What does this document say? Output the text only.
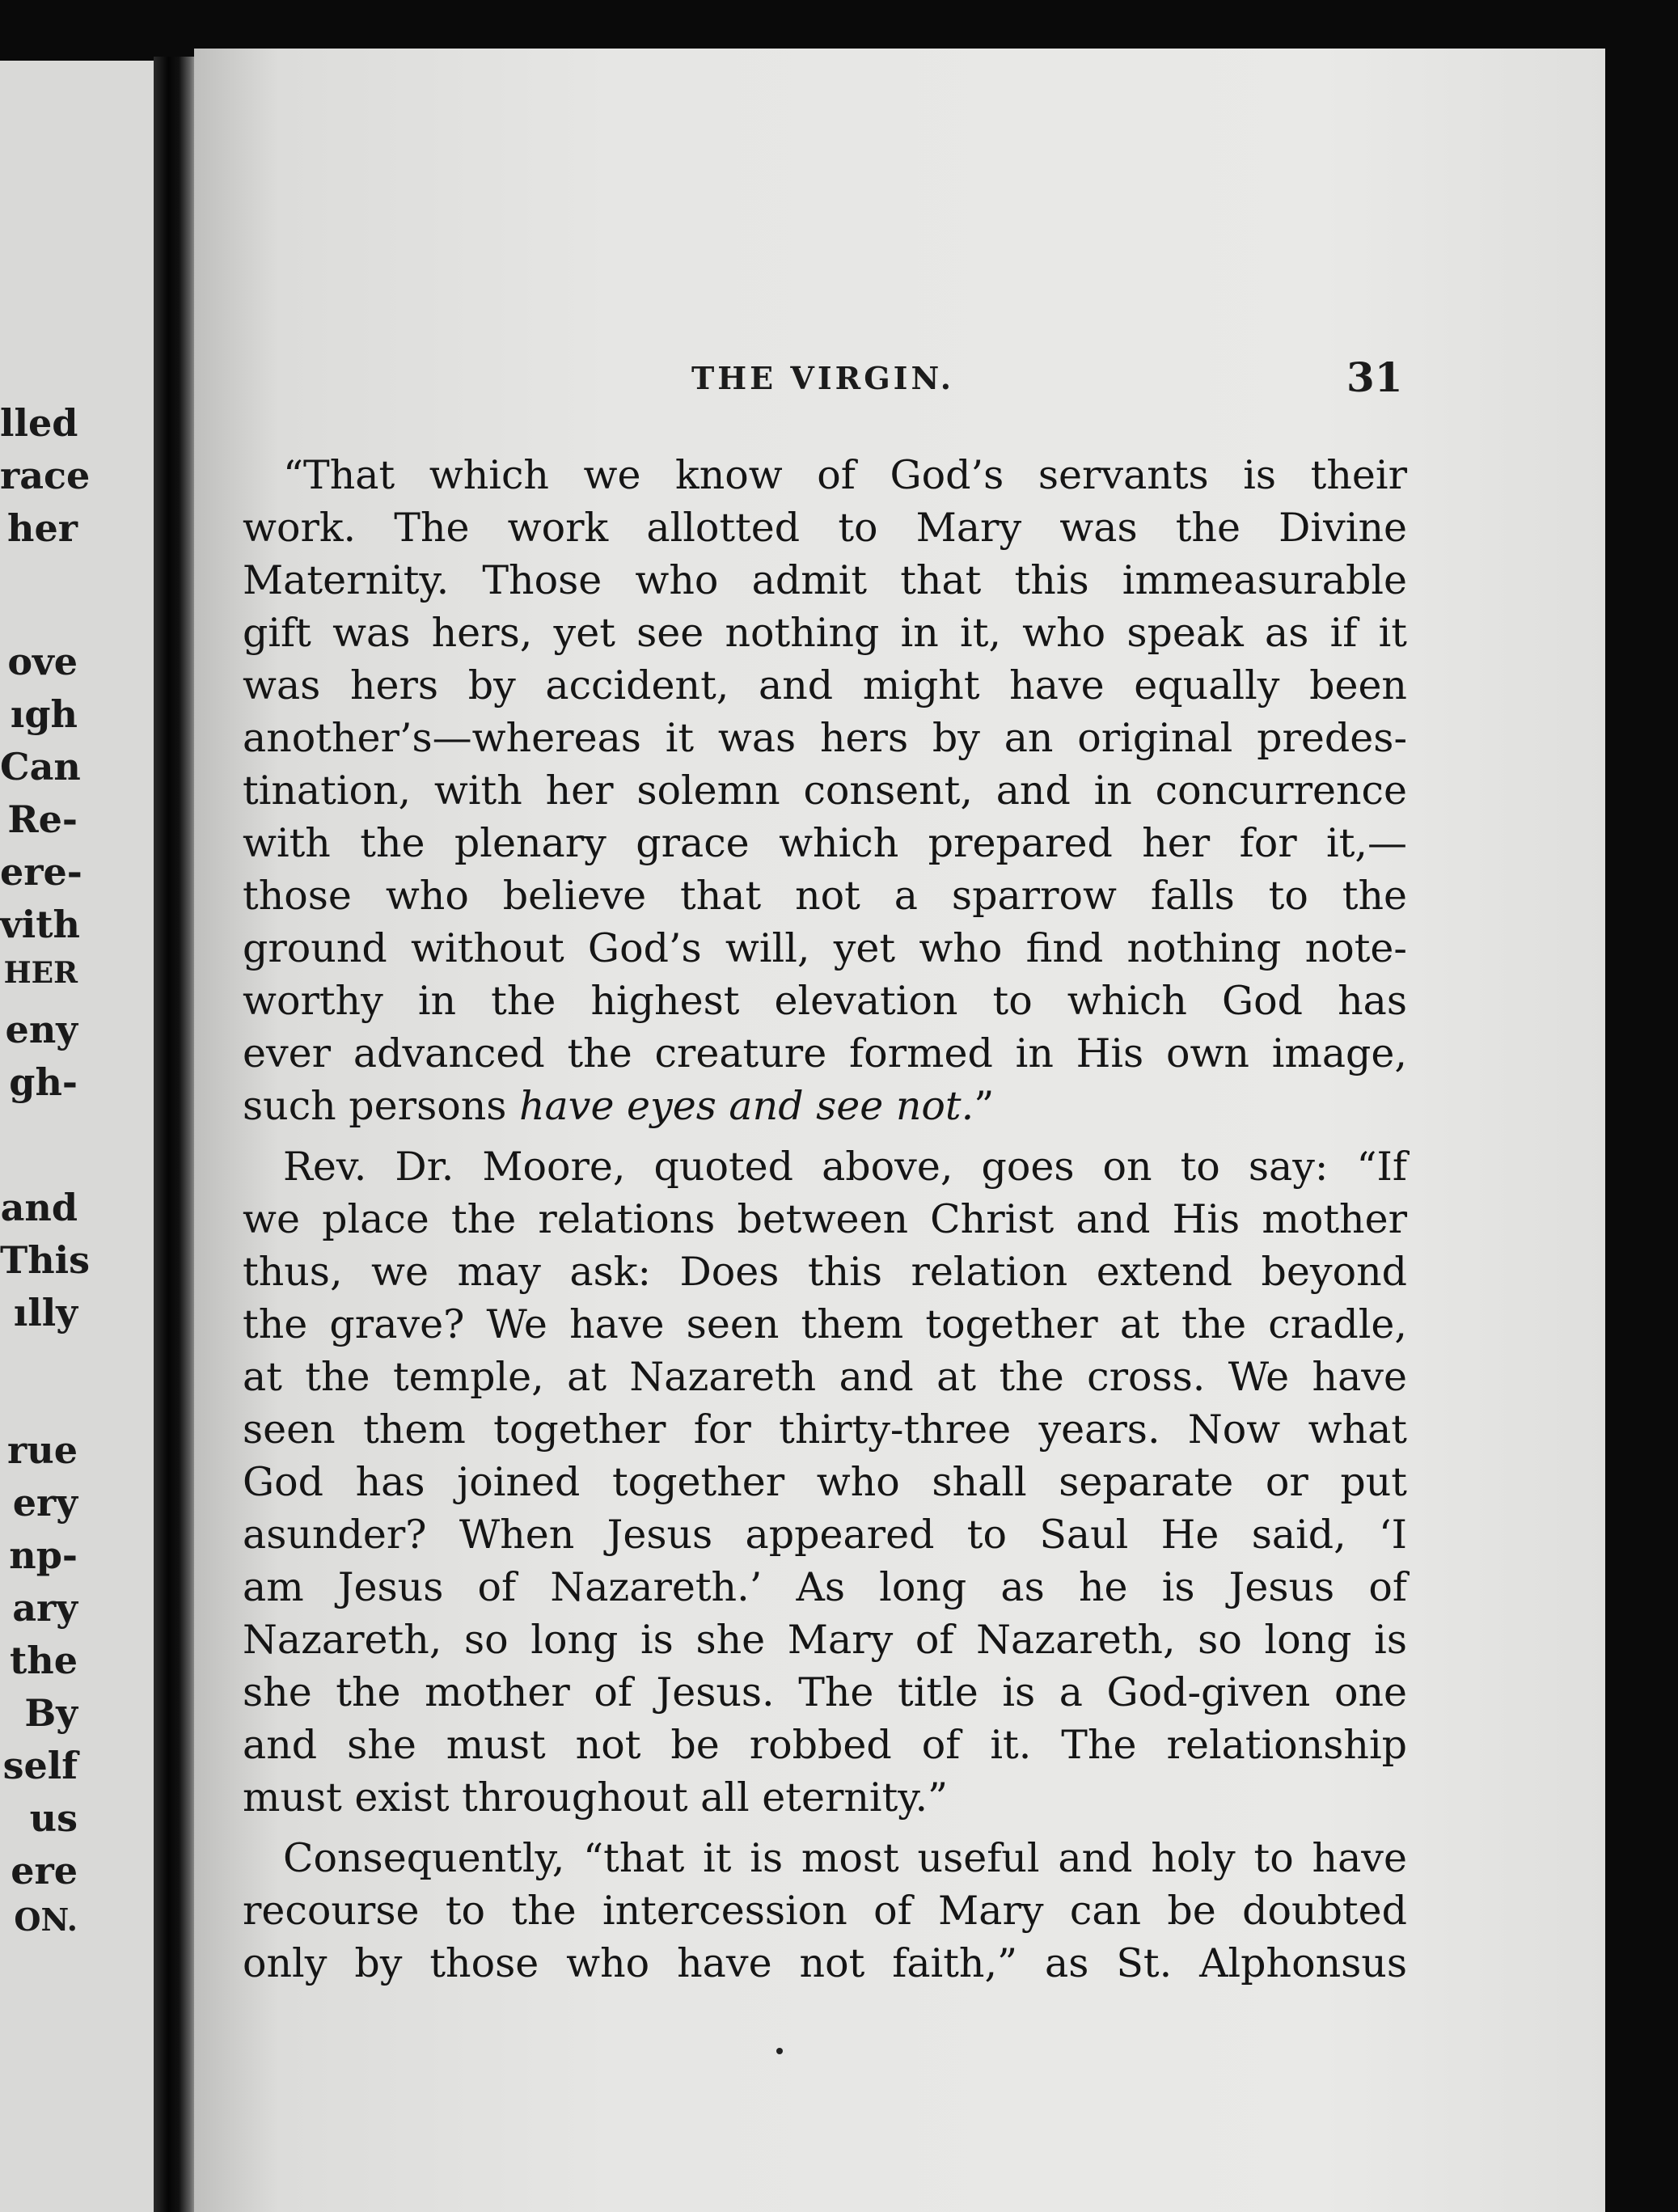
lled
race
her
ove
ıgh
Can
Re-
ere-
vith
HER
eny
gh-
and
This
ılly
rue
ery
np-
ary
the
By
self
us
ere
ON.
THE VIRGIN.	31
“That which we know of God’s servants is their
work. The work allotted to Mary was the Divine
Maternity. Those who admit that this immeasurable
gift was hers, yet see nothing in it, who speak as if it
was hers by accident, and might have equally been
another’s—whereas it was hers by an original predes-
tination, with her solemn consent, and in concurrence
with the plenary grace which prepared her for it,—
those who believe that not a sparrow falls to the
ground without God’s will, yet who find nothing note-
worthy in the highest elevation to which God has
ever advanced the creature formed in His own image,
such persons have eyes and see not.”
Rev. Dr. Moore, quoted above, goes on to say: “If
we place the relations between Christ and His mother
thus, we may ask: Does this relation extend beyond
the grave? We have seen them together at the cradle,
at the temple, at Nazareth and at the cross. We have
seen them together for thirty-three years. Now what
God has joined together who shall separate or put
asunder? When Jesus appeared to Saul He said, ‘I
am Jesus of Nazareth.’ As long as he is Jesus of
Nazareth, so long is she Mary of Nazareth, so long is
she the mother of Jesus. The title is a God-given one
and she must not be robbed of it. The relationship
must exist throughout all eternity.”
Consequently, “that it is most useful and holy to have
recourse to the intercession of Mary can be doubted
only by those who have not faith,” as St. Alphonsus
